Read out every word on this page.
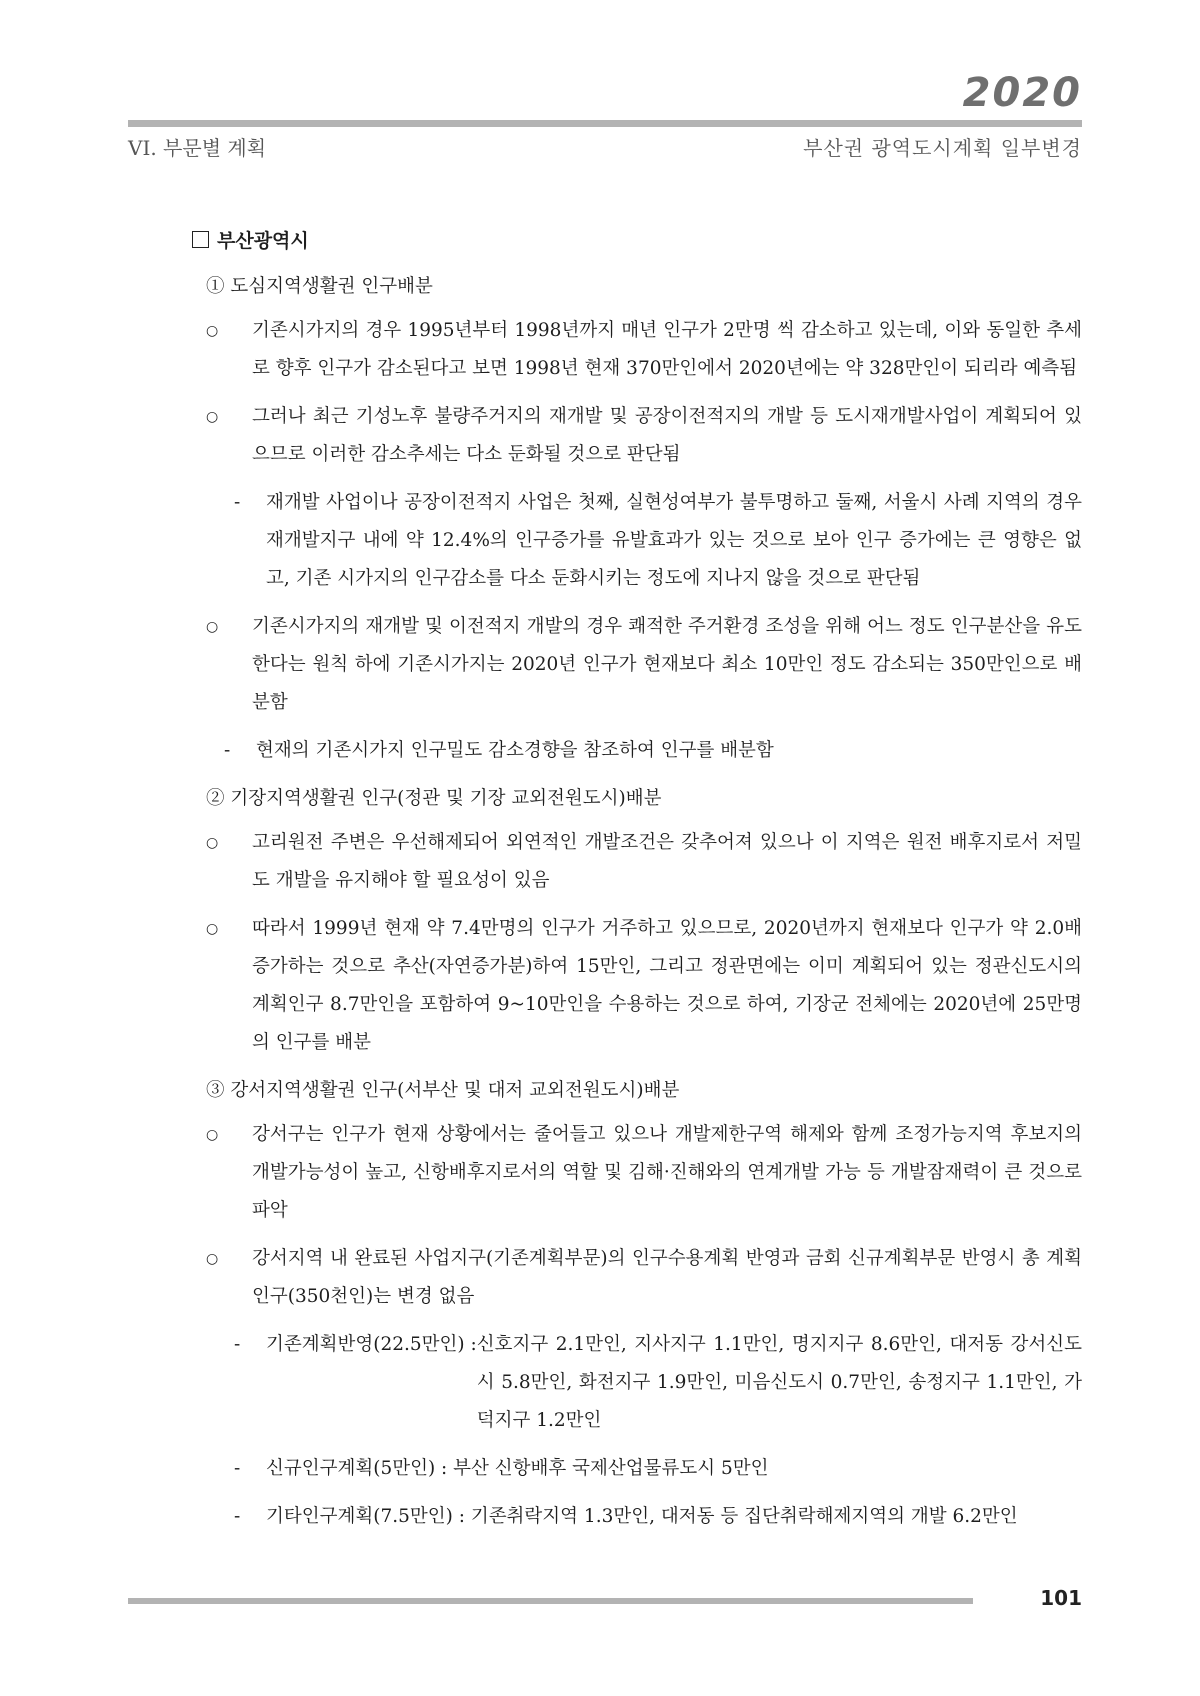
2020
VI. 부문별 계획	부산권 광역도시계획 일부변경
부산광역시
① 도심지역생활권 인구배분
○ 기존시가지의 경우 1995년부터 1998년까지 매년 인구가 2만명 씩 감소하고 있는데, 이와 동일한 추세로 향후 인구가 감소된다고 보면 1998년 현재 370만인에서 2020년에는 약 328만인이 되리라 예측됨
○ 그러나 최근 기성노후 불량주거지의 재개발 및 공장이전적지의 개발 등 도시재개발사업이 계획되어 있으므로 이러한 감소추세는 다소 둔화될 것으로 판단됨
- 재개발 사업이나 공장이전적지 사업은 첫째, 실현성여부가 불투명하고 둘째, 서울시 사례 지역의 경우 재개발지구 내에 약 12.4%의 인구증가를 유발효과가 있는 것으로 보아 인구 증가에는 큰 영향은 없고, 기존 시가지의 인구감소를 다소 둔화시키는 정도에 지나지 않을 것으로 판단됨
○ 기존시가지의 재개발 및 이전적지 개발의 경우 쾌적한 주거환경 조성을 위해 어느 정도 인구분산을 유도한다는 원칙 하에 기존시가지는 2020년 인구가 현재보다 최소 10만인 정도 감소되는 350만인으로 배분함
- 현재의 기존시가지 인구밀도 감소경향을 참조하여 인구를 배분함
② 기장지역생활권 인구(정관 및 기장 교외전원도시)배분
○ 고리원전 주변은 우선해제되어 외연적인 개발조건은 갖추어져 있으나 이 지역은 원전 배후지로서 저밀도 개발을 유지해야 할 필요성이 있음
○ 따라서 1999년 현재 약 7.4만명의 인구가 거주하고 있으므로, 2020년까지 현재보다 인구가 약 2.0배 증가하는 것으로 추산(자연증가분)하여 15만인, 그리고 정관면에는 이미 계획되어 있는 정관신도시의 계획인구 8.7만인을 포함하여 9~10만인을 수용하는 것으로 하여, 기장군 전체에는 2020년에 25만명의 인구를 배분
③ 강서지역생활권 인구(서부산 및 대저 교외전원도시)배분
○ 강서구는 인구가 현재 상황에서는 줄어들고 있으나 개발제한구역 해제와 함께 조정가능지역 후보지의 개발가능성이 높고, 신항배후지로서의 역할 및 김해·진해와의 연계개발 가능 등 개발잠재력이 큰 것으로 파악
○ 강서지역 내 완료된 사업지구(기존계획부문)의 인구수용계획 반영과 금회 신규계획부문 반영시 총 계획인구(350천인)는 변경 없음
- 기존계획반영(22.5만인) : 신호지구 2.1만인, 지사지구 1.1만인, 명지지구 8.6만인, 대저동 강서신도시 5.8만인, 화전지구 1.9만인, 미음신도시 0.7만인, 송정지구 1.1만인, 가덕지구 1.2만인
- 신규인구계획(5만인) : 부산 신항배후 국제산업물류도시 5만인
- 기타인구계획(7.5만인) : 기존취락지역 1.3만인, 대저동 등 집단취락해제지역의 개발 6.2만인
101
